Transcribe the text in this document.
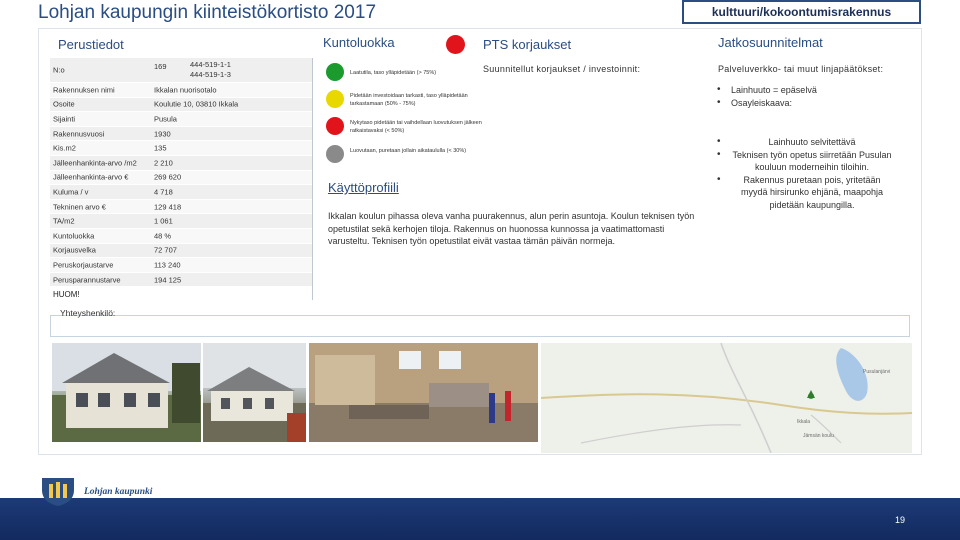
Lohjan kaupungin kiinteistökortisto 2017	kulttuuri/kokoontumisrakennus
Perustiedot	Kuntoluokka	PTS korjaukset	Jatkosuunnitelmat
Käyttöprofiili
N:o	169	444-519-1-1
444-519-1-3
Rakennuksen nimi	Ikkalan nuorisotalo
Osoite	Koulutie 10, 03810 Ikkala
Sijainti	Pusula
Rakennusvuosi	1930
Kis.m2	135
Jälleenhankinta-arvo /m2 2 210
Jälleenhankinta-arvo €	269 620
Kuluma / v	4 718
Tekninen arvo €	129 418
TA/m2	1 061
Kuntoluokka	48 %
Korjausvelka	72 707
Peruskorjaustarve	113 240
Perusparannustarve	194 125
Laatutila, taso ylläpidetään (> 75%)
Pidetään investoidaan tarkasti, taso ylläpidetään tarkastamaan (50% - 75%)
Nykytaso pidetään tai vaihdellaan luovutuksen jälkeen ratkaistavaksi (< 50%)
Luovutaan, puretaan jollain aikataululla (< 30%)
Suunnitellut korjaukset / investoinnit:	Palveluverkko- tai muut linjapäätökset:
• Lainhuuto = epäselvä
• Osayleiskaava:
• Lainhuuto selvitettävä
• Teknisen työn opetus siirretään Pusulan kouluun moderneihin tiloihin.
• Rakennus puretaan pois, yritetään myydä hirsirunko ehjänä, maapohja pidetään kaupungilla.
Ikkalan koulun pihassa oleva vanha puurakennus, alun perin asuntoja. Koulun teknisen työn opetustilat sekä kerhojen tiloja. Rakennus on huonossa kunnossa ja vaatimattomasti varusteltu. Teknisen työn opetustilat eivät vastaa tämän päivän normeja.
HUOM!
Yhteyshenkilö:
Ikkala
Pusulanjärvi
Jämsän koulu
Lohjan kaupunki
19
